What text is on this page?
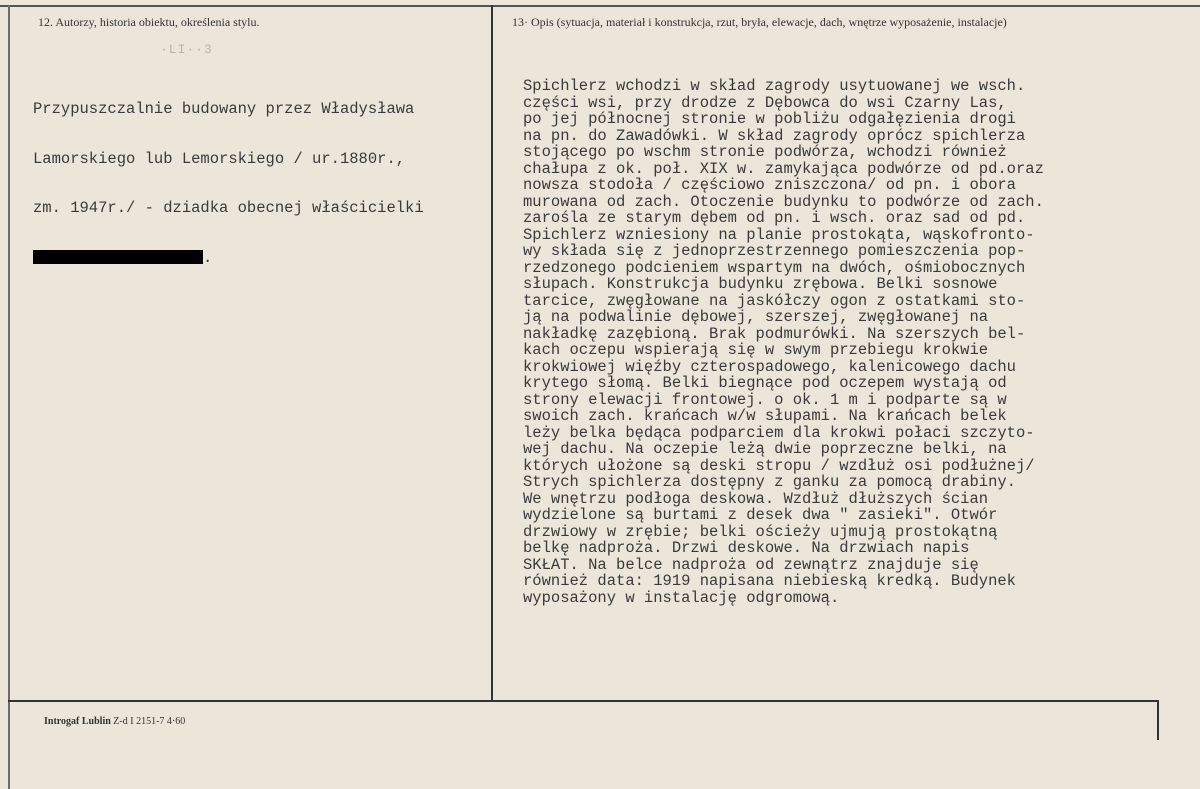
12. Autorzy, historia obiektu, określenia stylu.	13· Opis (sytuacja, materiał i konstrukcja, rzut, bryła, elewacje, dach, wnętrze wyposażenie, instalacje)
·LI··3

Przypuszczalnie budowany przez Władysława

Lamorskiego lub Lemorskiego / ur.1880r.,

zm. 1947r./ - dziadka obecnej właścicielki

.

Spichlerz wchodzi w skład zagrody usytuowanej we wsch.
części wsi, przy drodze z Dębowca do wsi Czarny Las,
po jej północnej stronie w pobliżu odgałęzienia drogi
na pn. do Zawadówki. W skład zagrody oprócz spichlerza
stojącego po wschm stronie podwórza, wchodzi również
chałupa z ok. poł. XIX w. zamykająca podwórze od pd.oraz
nowsza stodoła / częściowo zniszczona/ od pn. i obora
murowana od zach. Otoczenie budynku to podwórze od zach.
zarośla ze starym dębem od pn. i wsch. oraz sad od pd.
Spichlerz wzniesiony na planie prostokąta, wąskofronto-
wy składa się z jednoprzestrzennego pomieszczenia pop-
rzedzonego podcieniem wspartym na dwóch, ośmiobocznych
słupach. Konstrukcja budynku zrębowa. Belki sosnowe
tarcice, zwęgłowane na jaskółczy ogon z ostatkami sto-
ją na podwalinie dębowej, szerszej, zwęgłowanej na
nakładkę zazębioną. Brak podmurówki. Na szerszych bel-
kach oczepu wspierają się w swym przebiegu krokwie
krokwiowej więźby czterospadowego, kalenicowego dachu
krytego słomą. Belki biegnące pod oczepem wystają od
strony elewacji frontowej. o ok. 1 m i podparte są w
swoich zach. krańcach w/w słupami. Na krańcach belek
leży belka będąca podparciem dla krokwi połaci szczyto-
wej dachu. Na oczepie leżą dwie poprzeczne belki, na
których ułożone są deski stropu / wzdłuż osi podłużnej/
Strych spichlerza dostępny z ganku za pomocą drabiny.
We wnętrzu podłoga deskowa. Wzdłuż dłuższych ścian
wydzielone są burtami z desek dwa " zasieki". Otwór
drzwiowy w zrębie; belki ościeży ujmują prostokątną
belkę nadproża. Drzwi deskowe. Na drzwiach napis
SKŁAT. Na belce nadproża od zewnątrz znajduje się
również data: 1919 napisana niebieską kredką. Budynek
wyposażony w instalację odgromową.
Introgaf Lublin Z-d I 2151-7 4·60
